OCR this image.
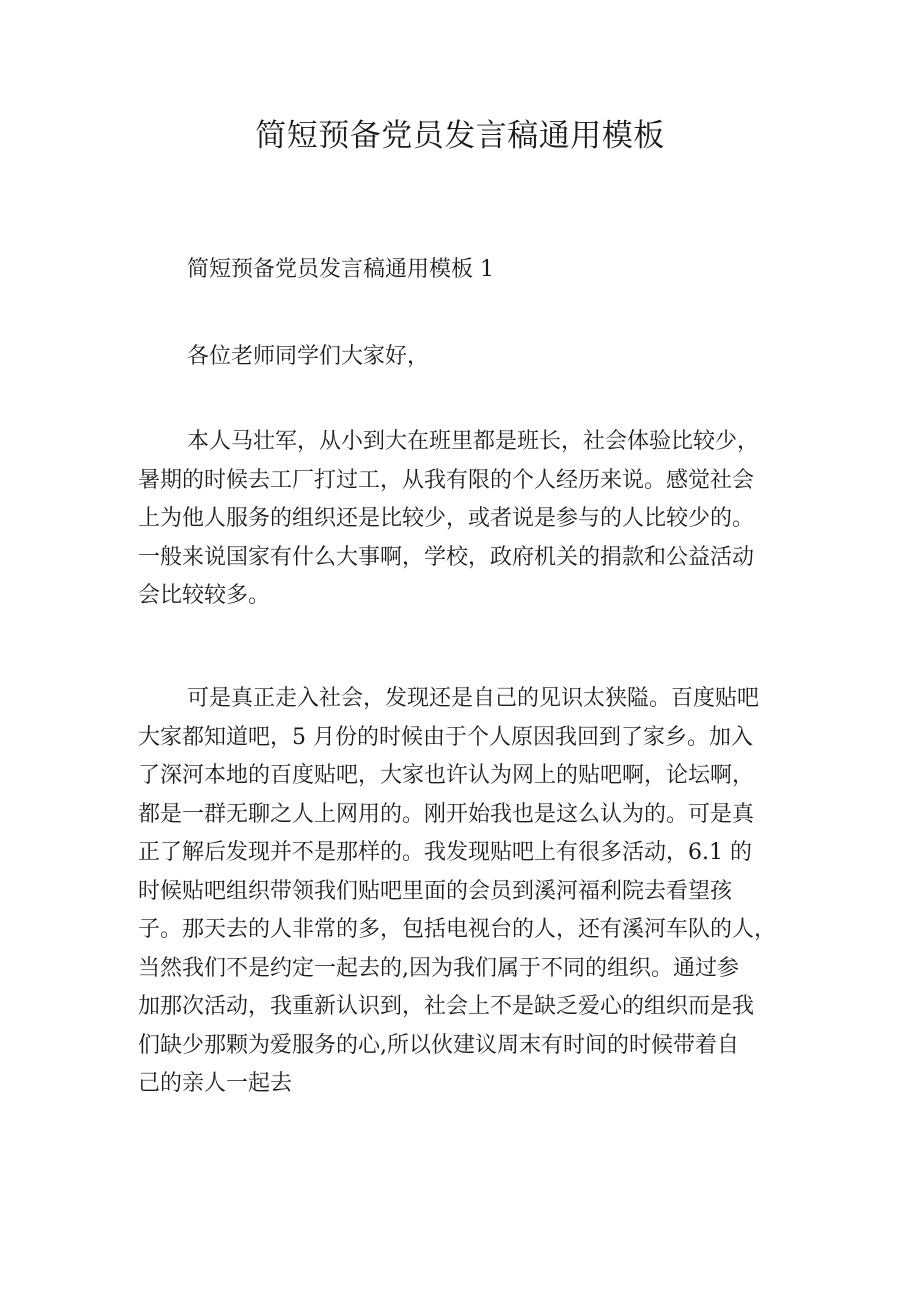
简短预备党员发言稿通用模板

简短预备党员发言稿通用模板 1

各位老师同学们大家好，

本人马壮军，从小到大在班里都是班长，社会体验比较少，
暑期的时候去工厂打过工，从我有限的个人经历来说。感觉社会
上为他人服务的组织还是比较少，或者说是参与的人比较少的。
一般来说国家有什么大事啊，学校，政府机关的捐款和公益活动
会比较较多。

可是真正走入社会，发现还是自己的见识太狭隘。百度贴吧
大家都知道吧，5 月份的时候由于个人原因我回到了家乡。加入
了深河本地的百度贴吧，大家也许认为网上的贴吧啊，论坛啊，
都是一群无聊之人上网用的。刚开始我也是这么认为的。可是真
正了解后发现并不是那样的。我发现贴吧上有很多活动，6.1 的
时候贴吧组织带领我们贴吧里面的会员到溪河福利院去看望孩
子。那天去的人非常的多，包括电视台的人，还有溪河车队的人，
当然我们不是约定一起去的,因为我们属于不同的组织。通过参
加那次活动，我重新认识到，社会上不是缺乏爱心的组织而是我
们缺少那颗为爱服务的心,所以伙建议周末有时间的时候带着自
己的亲人一起去
